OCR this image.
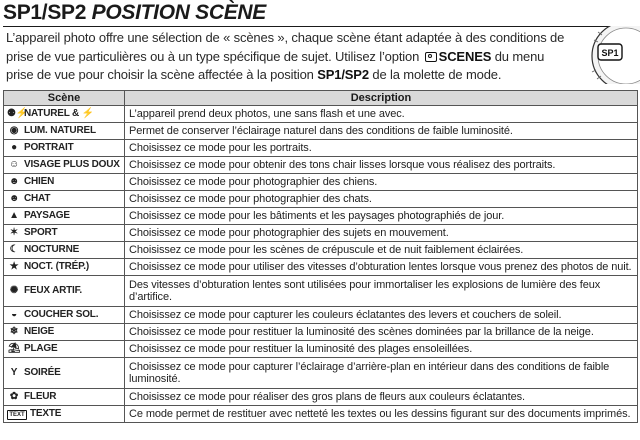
SP1/SP2 POSITION SCÈNE
L’appareil photo offre une sélection de « scènes », chaque scène étant adaptée à des conditions de prise de vue particulières ou à un type spécifique de sujet. Utilisez l’option SCENES du menu prise de vue pour choisir la scène affectée à la position SP1/SP2 de la molette de mode.
SP1
Scène	Description
⚉⚡NATUREL & ⚡	L’appareil prend deux photos, une sans flash et une avec.
◉ LUM. NATUREL	Permet de conserver l’éclairage naturel dans des conditions de faible luminosité.
● PORTRAIT	Choisissez ce mode pour les portraits.
☺ VISAGE PLUS DOUX	Choisissez ce mode pour obtenir des tons chair lisses lorsque vous réalisez des portraits.
☻ CHIEN	Choisissez ce mode pour photographier des chiens.
☻ CHAT	Choisissez ce mode pour photographier des chats.
▲ PAYSAGE	Choisissez ce mode pour les bâtiments et les paysages photographiés de jour.
✶ SPORT	Choisissez ce mode pour photographier des sujets en mouvement.
☾ NOCTURNE	Choisissez ce mode pour les scènes de crépuscule et de nuit faiblement éclairées.
★ NOCT. (TRÉP.)	Choisissez ce mode pour utiliser des vitesses d’obturation lentes lorsque vous prenez des photos de nuit.
✺ FEUX ARTIF.	Des vitesses d’obturation lentes sont utilisées pour immortaliser les explosions de lumière des feux d’artifice.
◒ COUCHER SOL.	Choisissez ce mode pour capturer les couleurs éclatantes des levers et couchers de soleil.
❄ NEIGE	Choisissez ce mode pour restituer la luminosité des scènes dominées par la brillance de la neige.
⛱ PLAGE	Choisissez ce mode pour restituer la luminosité des plages ensoleillées.
Y SOIRÉE	Choisissez ce mode pour capturer l’éclairage d’arrière-plan en intérieur dans des conditions de faible luminosité.
✿ FLEUR	Choisissez ce mode pour réaliser des gros plans de fleurs aux couleurs éclatantes.
TEXT TEXTE	Ce mode permet de restituer avec netteté les textes ou les dessins figurant sur des documents imprimés.
